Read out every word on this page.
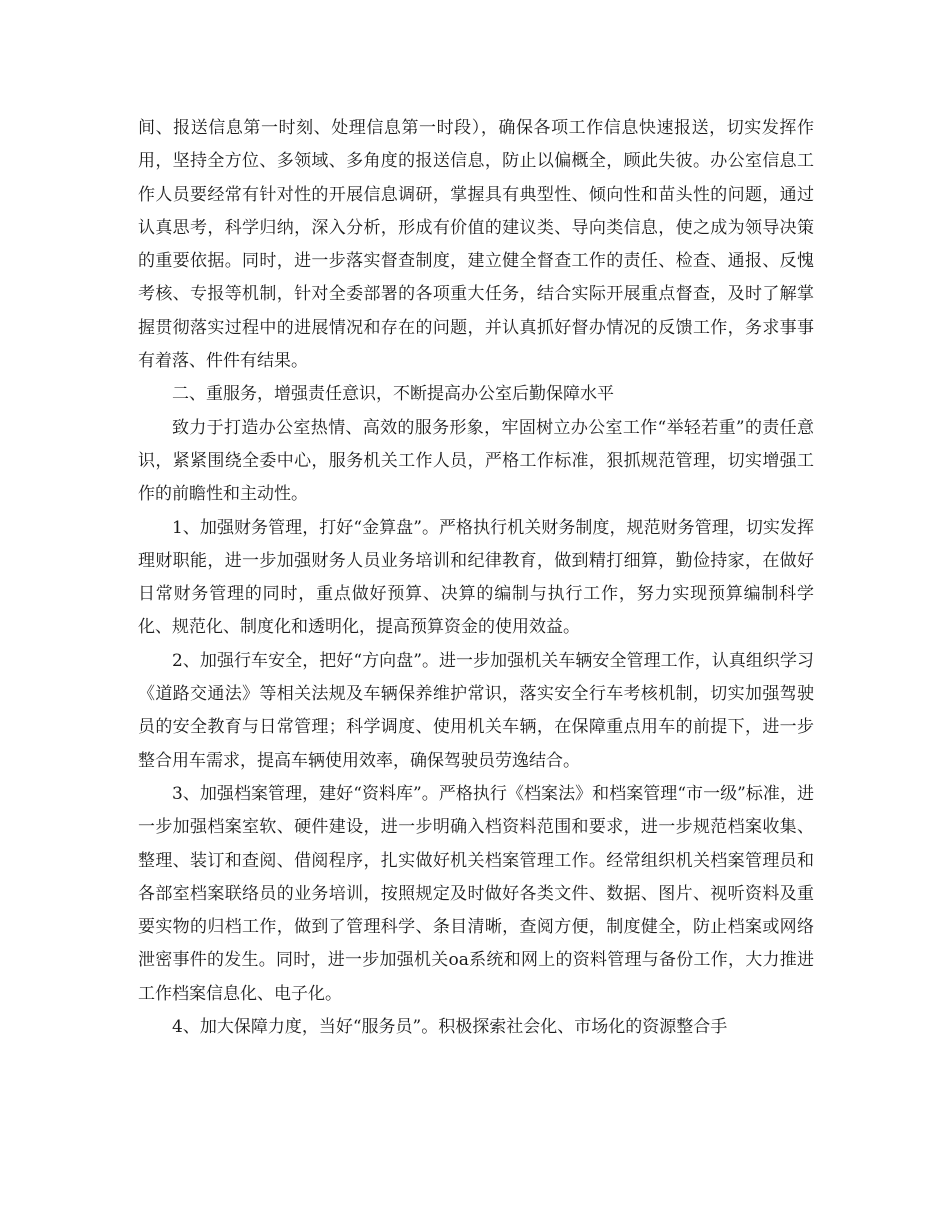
间、报送信息第一时刻、处理信息第一时段），确保各项工作信息快速报送，切实发挥作用，坚持全方位、多领域、多角度的报送信息，防止以偏概全，顾此失彼。办公室信息工作人员要经常有针对性的开展信息调研，掌握具有典型性、倾向性和苗头性的问题，通过认真思考，科学归纳，深入分析，形成有价值的建议类、导向类信息，使之成为领导决策的重要依据。同时，进一步落实督查制度，建立健全督查工作的责任、检查、通报、反愧考核、专报等机制，针对全委部署的各项重大任务，结合实际开展重点督查，及时了解掌握贯彻落实过程中的进展情况和存在的问题，并认真抓好督办情况的反馈工作，务求事事有着落、件件有结果。

二、重服务，增强责任意识，不断提高办公室后勤保障水平

致力于打造办公室热情、高效的服务形象，牢固树立办公室工作“举轻若重”的责任意识，紧紧围绕全委中心，服务机关工作人员，严格工作标准，狠抓规范管理，切实增强工作的前瞻性和主动性。

1、加强财务管理，打好“金算盘”。严格执行机关财务制度，规范财务管理，切实发挥理财职能，进一步加强财务人员业务培训和纪律教育，做到精打细算，勤俭持家，在做好日常财务管理的同时，重点做好预算、决算的编制与执行工作，努力实现预算编制科学化、规范化、制度化和透明化，提高预算资金的使用效益。

2、加强行车安全，把好“方向盘”。进一步加强机关车辆安全管理工作，认真组织学习《道路交通法》等相关法规及车辆保养维护常识，落实安全行车考核机制，切实加强驾驶员的安全教育与日常管理；科学调度、使用机关车辆，在保障重点用车的前提下，进一步整合用车需求，提高车辆使用效率，确保驾驶员劳逸结合。

3、加强档案管理，建好“资料库”。严格执行《档案法》和档案管理“市一级”标准，进一步加强档案室软、硬件建设，进一步明确入档资料范围和要求，进一步规范档案收集、整理、装订和查阅、借阅程序，扎实做好机关档案管理工作。经常组织机关档案管理员和各部室档案联络员的业务培训，按照规定及时做好各类文件、数据、图片、视听资料及重要实物的归档工作，做到了管理科学、条目清晰，查阅方便，制度健全，防止档案或网络泄密事件的发生。同时，进一步加强机关oa系统和网上的资料管理与备份工作，大力推进工作档案信息化、电子化。

4、加大保障力度，当好“服务员”。积极探索社会化、市场化的资源整合手
